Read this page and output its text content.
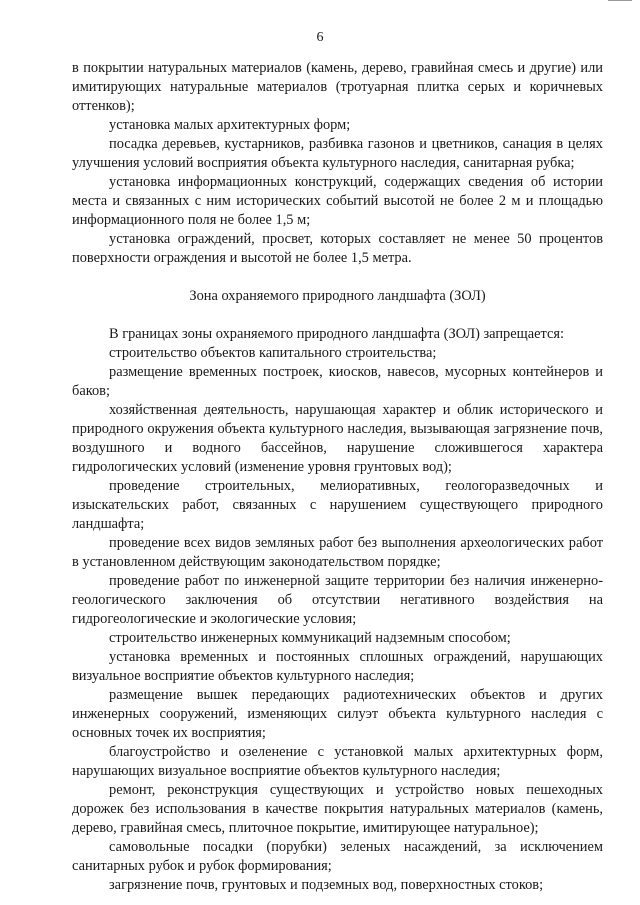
6

в покрытии натуральных материалов (камень, дерево, гравийная смесь и другие) или имитирующих натуральные материалов (тротуарная плитка серых и коричневых оттенков);

установка малых архитектурных форм;

посадка деревьев, кустарников, разбивка газонов и цветников, санация в целях улучшения условий восприятия объекта культурного наследия, санитарная рубка;

установка информационных конструкций, содержащих сведения об истории места и связанных с ним исторических событий высотой не более 2 м и площадью информационного поля не более 1,5 м;

установка ограждений, просвет, которых составляет не менее 50 процентов поверхности ограждения и высотой не более 1,5 метра.

Зона охраняемого природного ландшафта (ЗОЛ)

В границах зоны охраняемого природного ландшафта (ЗОЛ) запрещается:

строительство объектов капитального строительства;

размещение временных построек, киосков, навесов, мусорных контейнеров и баков;

хозяйственная деятельность, нарушающая характер и облик исторического и природного окружения объекта культурного наследия, вызывающая загрязнение почв, воздушного и водного бассейнов, нарушение сложившегося характера гидрологических условий (изменение уровня грунтовых вод);

проведение строительных, мелиоративных, геологоразведочных и изыскательских работ, связанных с нарушением существующего природного ландшафта;

проведение всех видов земляных работ без выполнения археологических работ в установленном действующим законодательством порядке;

проведение работ по инженерной защите территории без наличия инженерно-геологического заключения об отсутствии негативного воздействия на гидрогеологические и экологические условия;

строительство инженерных коммуникаций надземным способом;

установка временных и постоянных сплошных ограждений, нарушающих визуальное восприятие объектов культурного наследия;

размещение вышек передающих радиотехнических объектов и других инженерных сооружений, изменяющих силуэт объекта культурного наследия с основных точек их восприятия;

благоустройство и озеленение с установкой малых архитектурных форм, нарушающих визуальное восприятие объектов культурного наследия;

ремонт, реконструкция существующих и устройство новых пешеходных дорожек без использования в качестве покрытия натуральных материалов (камень, дерево, гравийная смесь, плиточное покрытие, имитирующее натуральное);

самовольные посадки (порубки) зеленых насаждений, за исключением санитарных рубок и рубок формирования;

загрязнение почв, грунтовых и подземных вод, поверхностных стоков;
